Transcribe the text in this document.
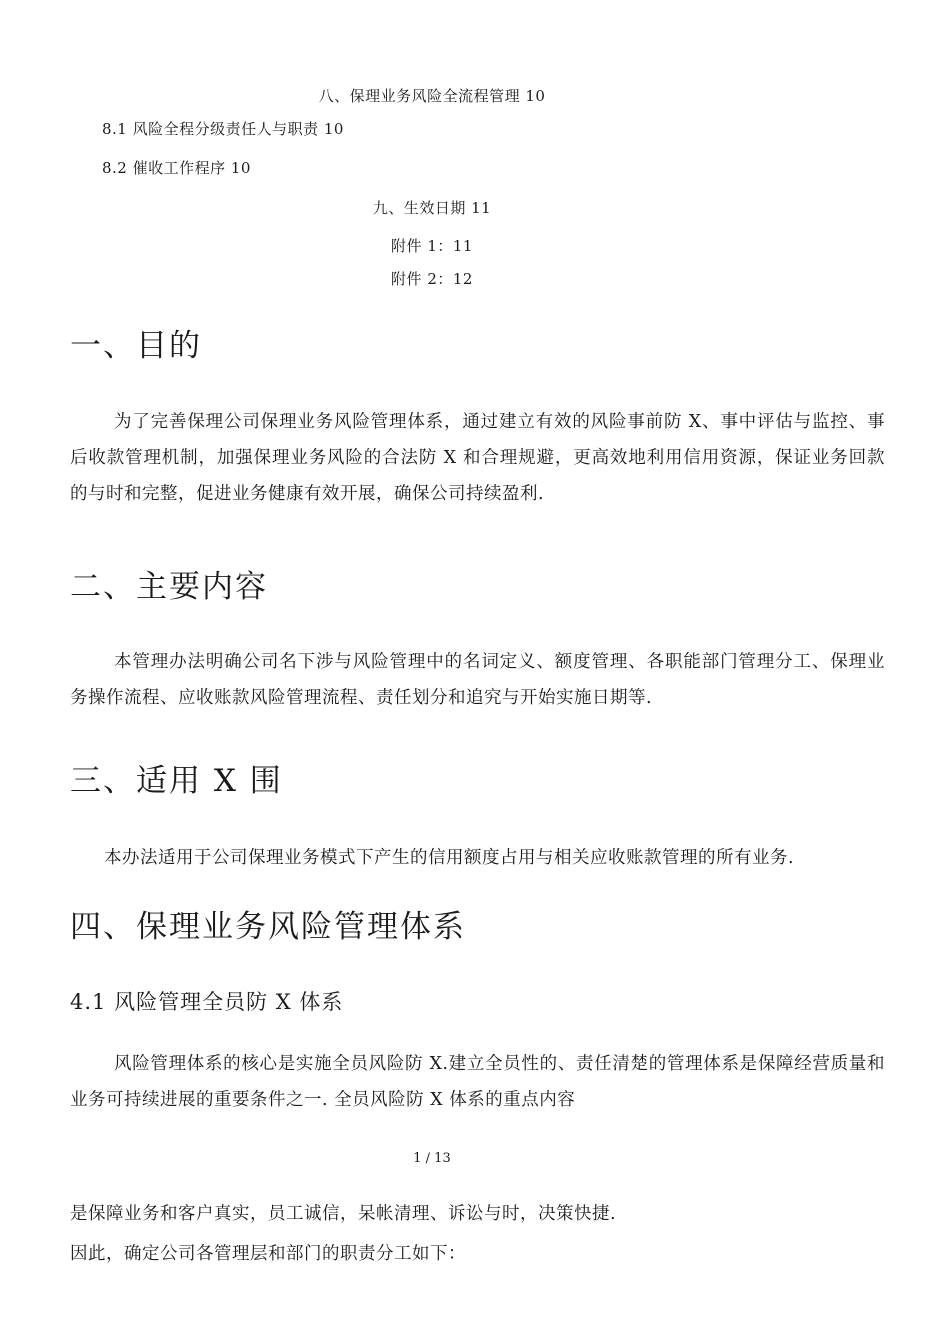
八、保理业务风险全流程管理 10
8.1 风险全程分级责任人与职责 10
8.2 催收工作程序 10
九、生效日期 11
附件 1：11
附件 2：12
一、目的

为了完善保理公司保理业务风险管理体系，通过建立有效的风险事前防 X、事中评估与监控、事后收款管理机制，加强保理业务风险的合法防 X 和合理规避，更高效地利用信用资源，保证业务回款的与时和完整，促进业务健康有效开展，确保公司持续盈利.

二、主要内容

本管理办法明确公司名下涉与风险管理中的名词定义、额度管理、各职能部门管理分工、保理业务操作流程、应收账款风险管理流程、责任划分和追究与开始实施日期等.

三、适用 X 围

本办法适用于公司保理业务模式下产生的信用额度占用与相关应收账款管理的所有业务.

四、保理业务风险管理体系
4.1 风险管理全员防 X 体系

风险管理体系的核心是实施全员风险防 X.建立全员性的、责任清楚的管理体系是保障经营质量和业务可持续进展的重要条件之一. 全员风险防 X 体系的重点内容

1 / 13
是保障业务和客户真实，员工诚信，呆帐清理、诉讼与时，决策快捷.
因此，确定公司各管理层和部门的职责分工如下：
